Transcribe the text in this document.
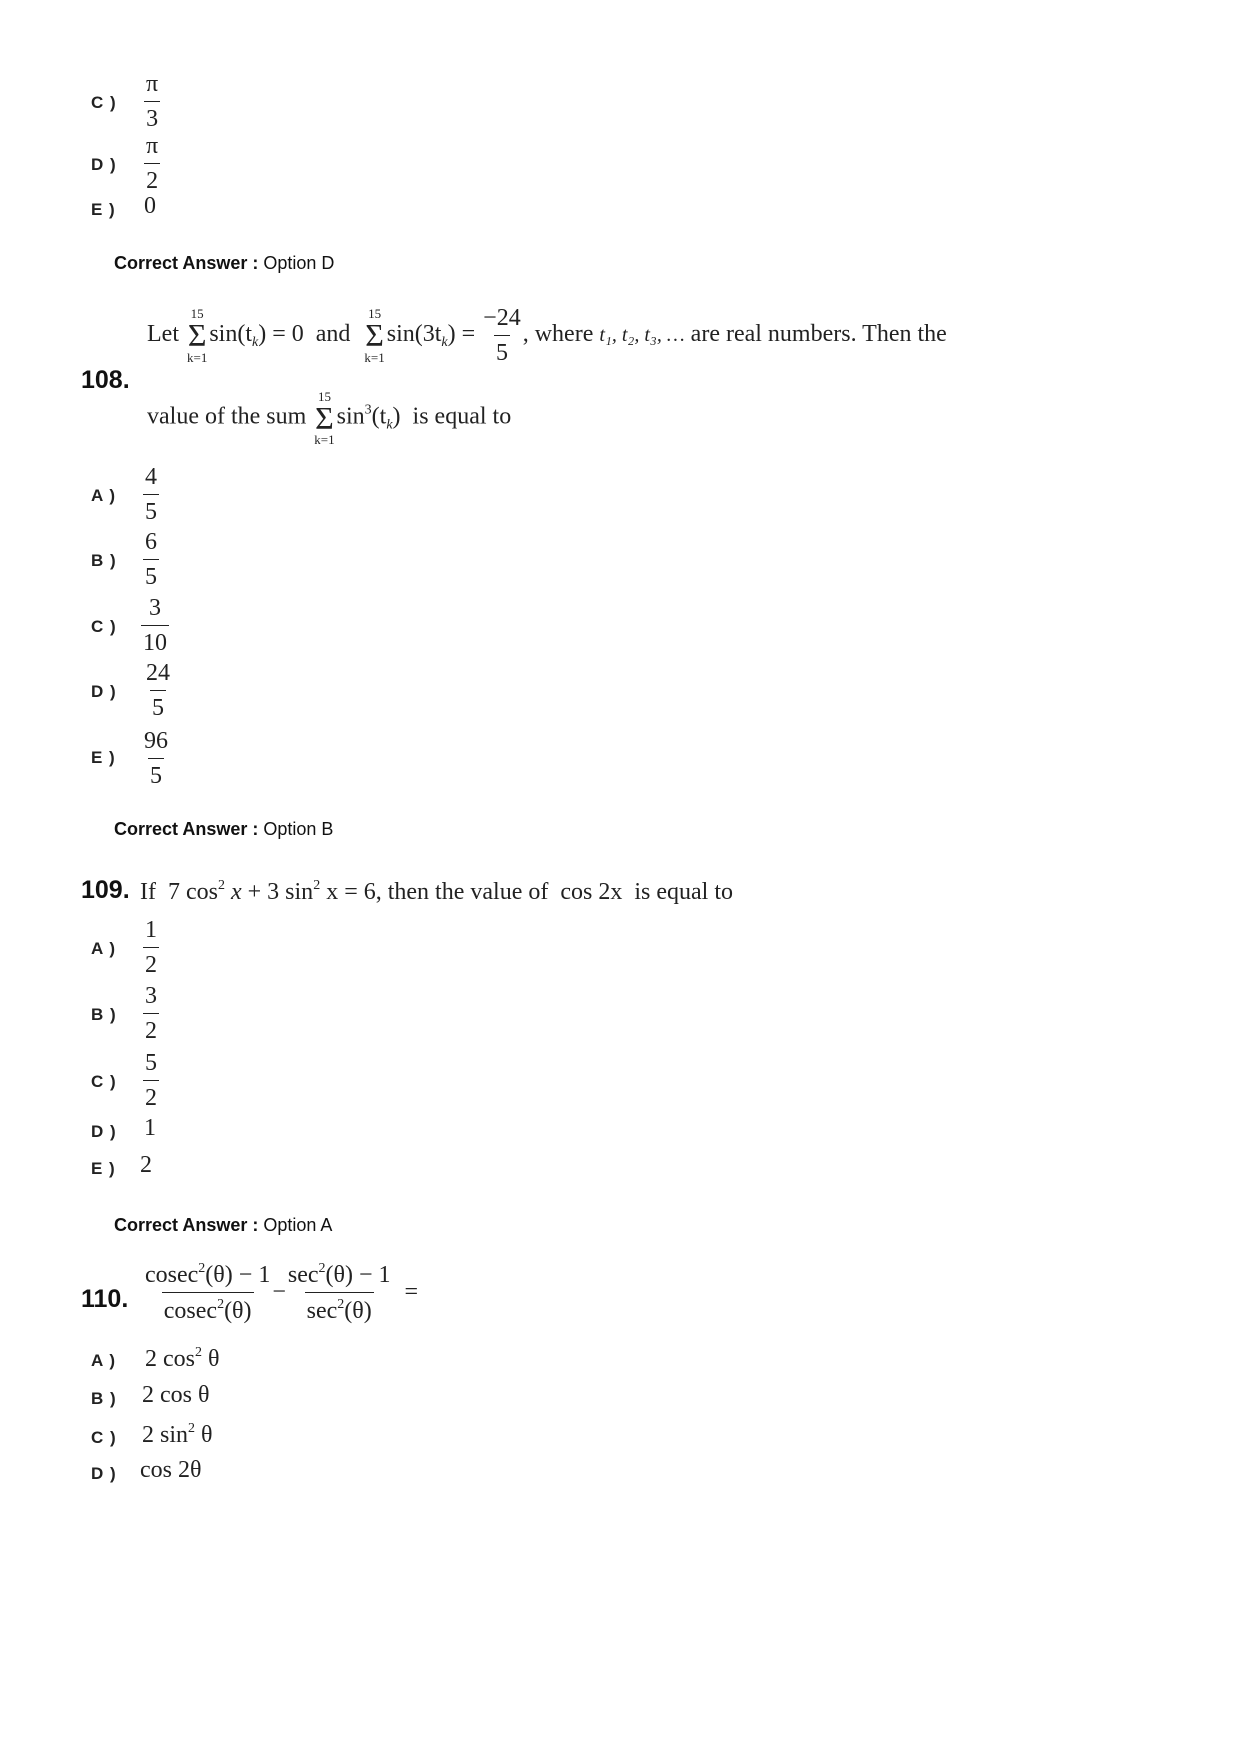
C ) $\frac{\pi}{3}$
D ) $\frac{\pi}{2}$
E ) 0
Correct Answer : Option D
108.
Let
15
Σ
k=1
$\sin(t_k) = 0$ and
15
Σ
k=1
$\sin(3t_k) = \frac{-24}{5}$ , where t₁, t₂, t₃, … are real numbers. Then the
value of the sum
15
Σ
k=1
$\sin^3(t_k)$ is equal to
A ) $\frac{4}{5}$
B ) $\frac{6}{5}$
C ) $\frac{3}{10}$
D ) $\frac{24}{5}$
E ) $\frac{96}{5}$
Correct Answer : Option B
109. If 7 $\cos^2 x + 3$ $\sin^2 x = 6$, then the value of cos 2x is equal to
A ) $\frac{1}{2}$
B ) $\frac{3}{2}$
C ) $\frac{5}{2}$
D ) 1
E ) 2
Correct Answer : Option A
110. $\frac{cosec^2(\theta) - 1}{cosec^2(\theta)} - \frac{\sec^2(\theta) - 1}{\sec^2(\theta)}$ =
A ) 2 $\cos^2 \theta$
B ) 2 cos θ
C ) 2 $\sin^2 \theta$
D ) cos 2θ
